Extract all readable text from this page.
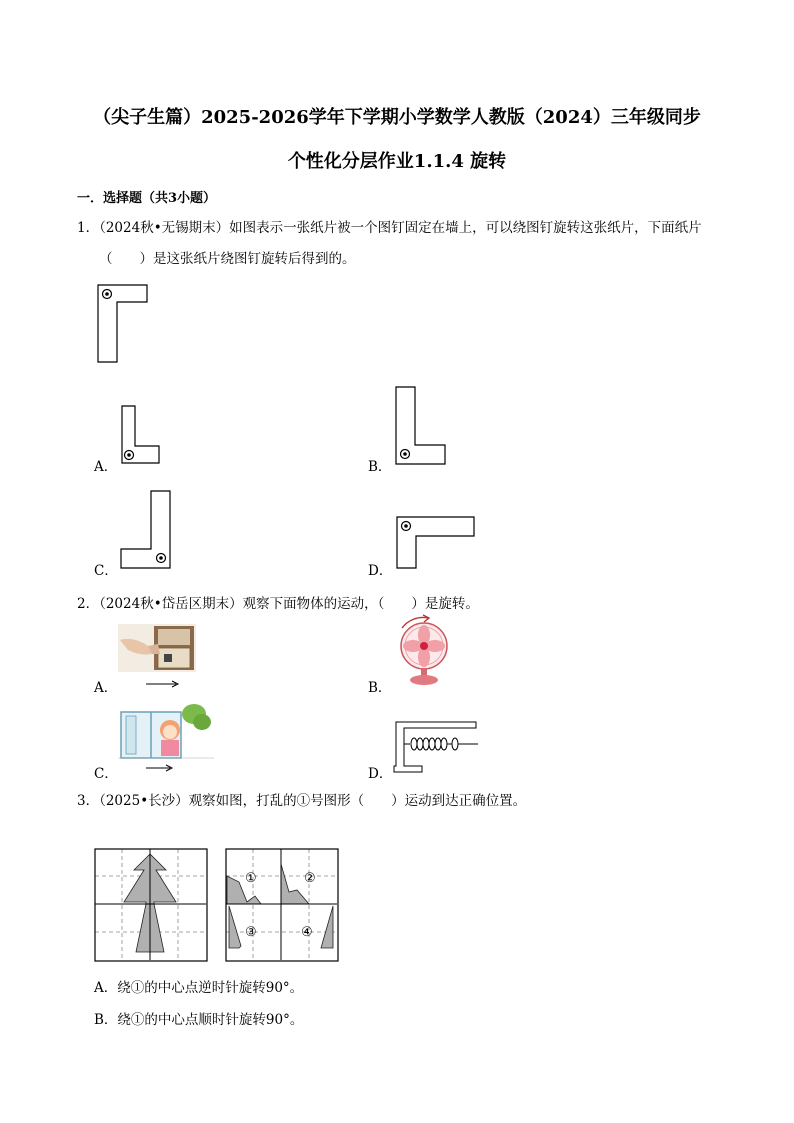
（尖子生篇）2025-2026学年下学期小学数学人教版（2024）三年级同步
个性化分层作业1.1.4 旋转
一．选择题（共3小题）
1．（2024秋•无锡期末）如图表示一张纸片被一个图钉固定在墙上，可以绕图钉旋转这张纸片，下面纸片
（　　）是这张纸片绕图钉旋转后得到的。
A．	B．
C．	D．
2．（2024秋•岱岳区期末）观察下面物体的运动，（　　）是旋转。
A．	B．
C．	D．
3．（2025•长沙）观察如图，打乱的①号图形（　　）运动到达正确位置。
①	②
③	④
A．绕①的中心点逆时针旋转90°。
B．绕①的中心点顺时针旋转90°。
